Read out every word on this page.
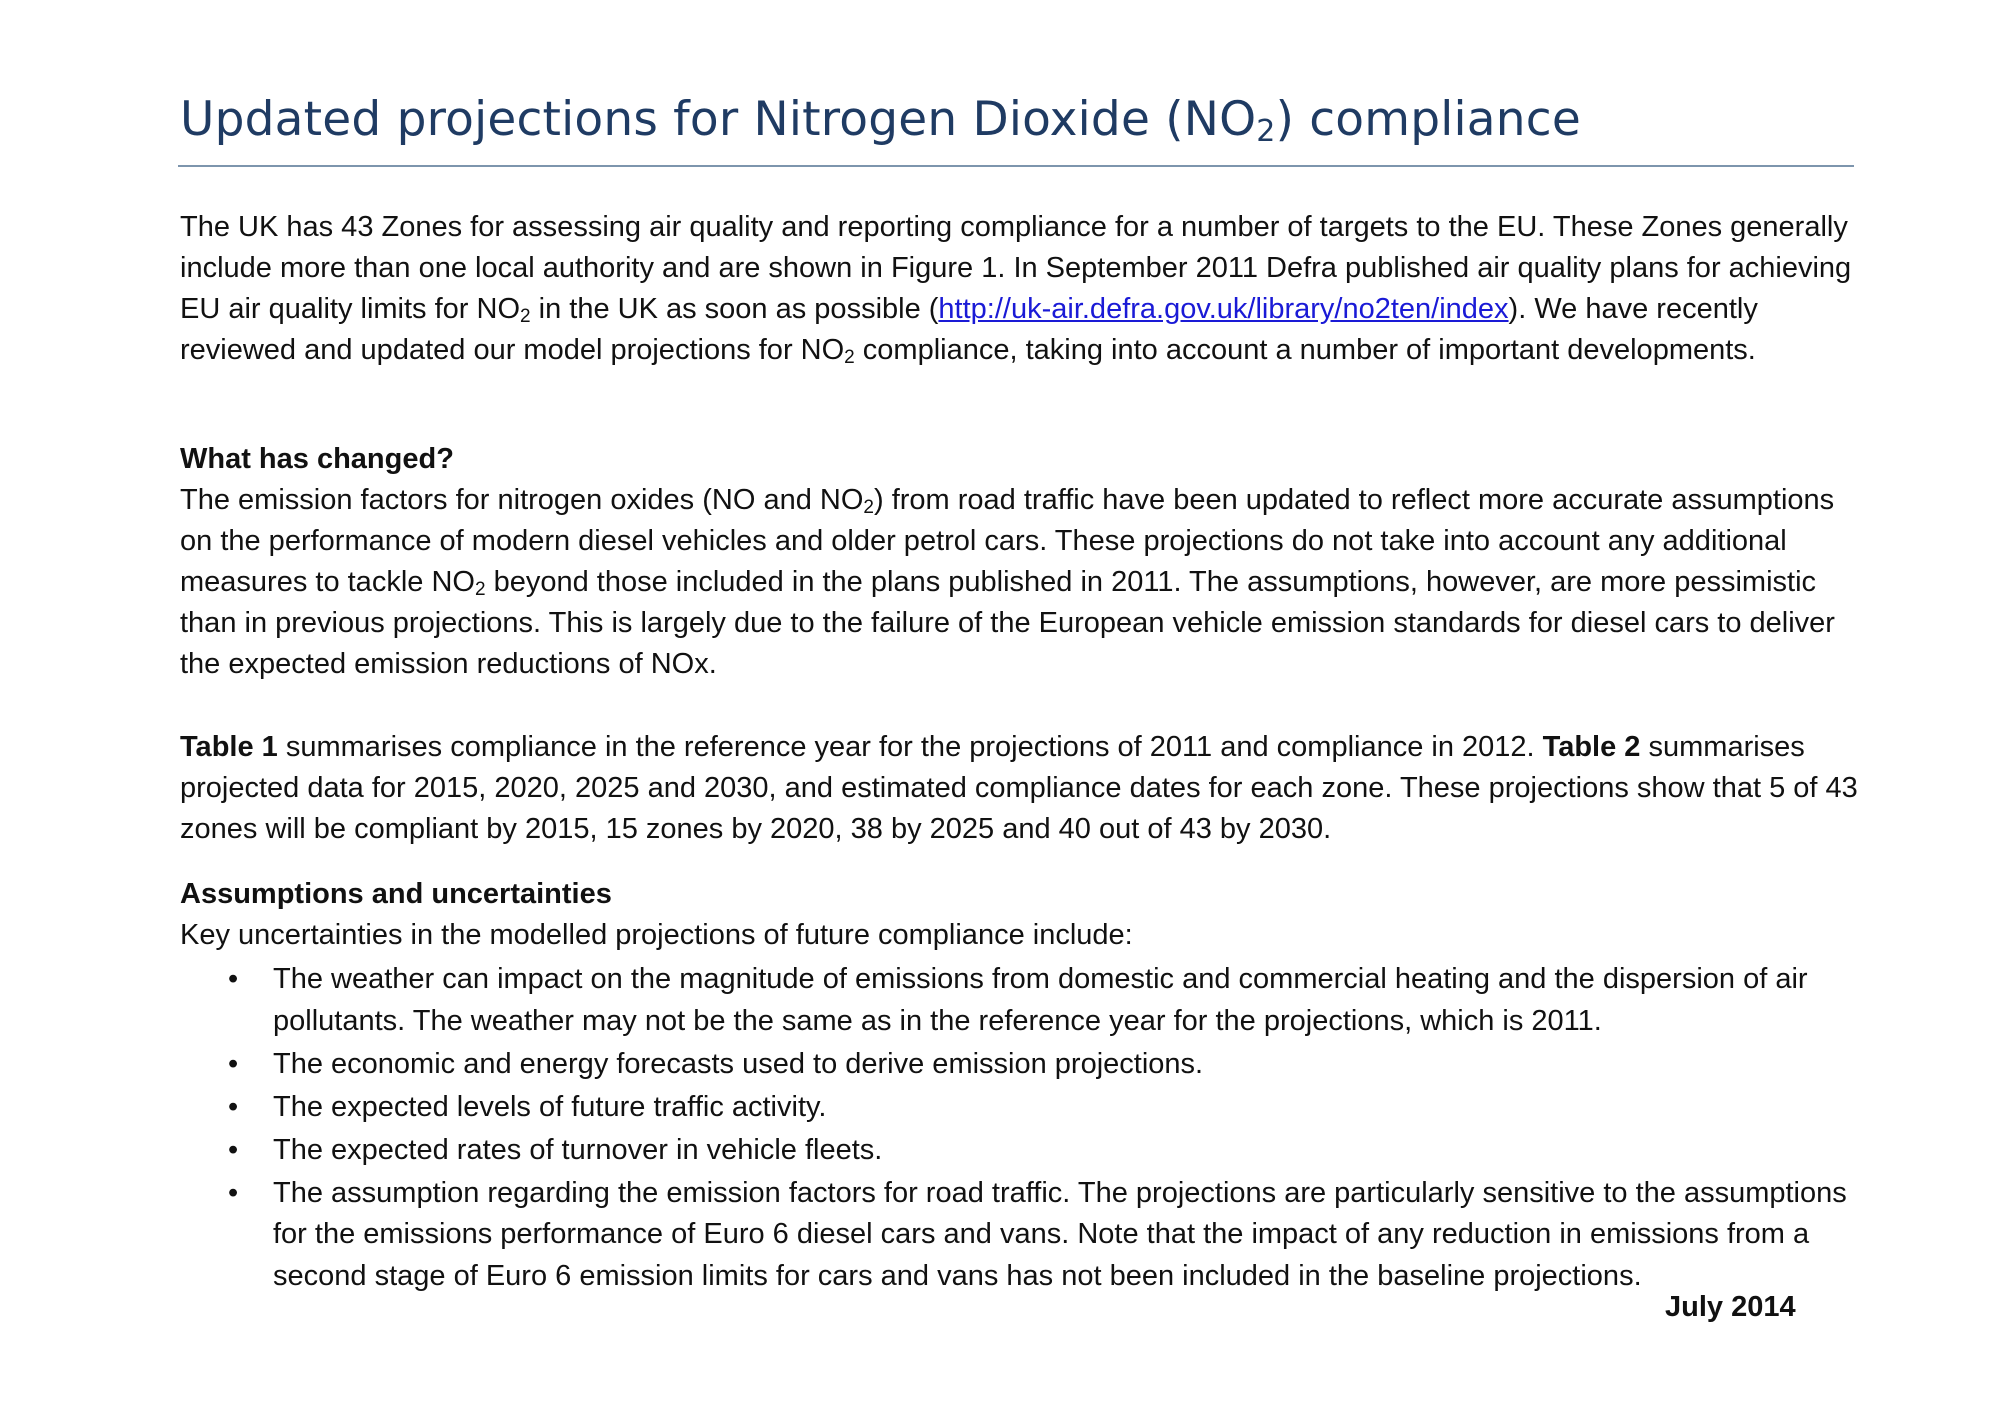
Updated projections for Nitrogen Dioxide $(NO_2)$ compliance

The UK has 43 Zones for assessing air quality and reporting compliance for a number of targets to the EU. These Zones generally include more than one local authority and are shown in Figure 1. In September 2011 Defra published air quality plans for achieving EU air quality limits for $NO_2$ in the UK as soon as possible (http://uk-air.defra.gov.uk/library/no2ten/index). We have recently reviewed and updated our model projections for $NO_2$ compliance, taking into account a number of important developments.

What has changed?

The emission factors for nitrogen oxides (NO and $NO_2$) from road traffic have been updated to reflect more accurate assumptions on the performance of modern diesel vehicles and older petrol cars. These projections do not take into account any additional measures to tackle $NO_2$ beyond those included in the plans published in 2011. The assumptions, however, are more pessimistic than in previous projections. This is largely due to the failure of the European vehicle emission standards for diesel cars to deliver the expected emission reductions of NOx.

Table 1 summarises compliance in the reference year for the projections of 2011 and compliance in 2012. Table 2 summarises projected data for 2015, 2020, 2025 and 2030, and estimated compliance dates for each zone. These projections show that 5 of 43 zones will be compliant by 2015, 15 zones by 2020, 38 by 2025 and 40 out of 43 by 2030.

Assumptions and uncertainties

Key uncertainties in the modelled projections of future compliance include:

• The weather can impact on the magnitude of emissions from domestic and commercial heating and the dispersion of air pollutants. The weather may not be the same as in the reference year for the projections, which is 2011.
• The economic and energy forecasts used to derive emission projections.
• The expected levels of future traffic activity.
• The expected rates of turnover in vehicle fleets.
• The assumption regarding the emission factors for road traffic. The projections are particularly sensitive to the assumptions for the emissions performance of Euro 6 diesel cars and vans. Note that the impact of any reduction in emissions from a second stage of Euro 6 emission limits for cars and vans has not been included in the baseline projections.
July 2014
